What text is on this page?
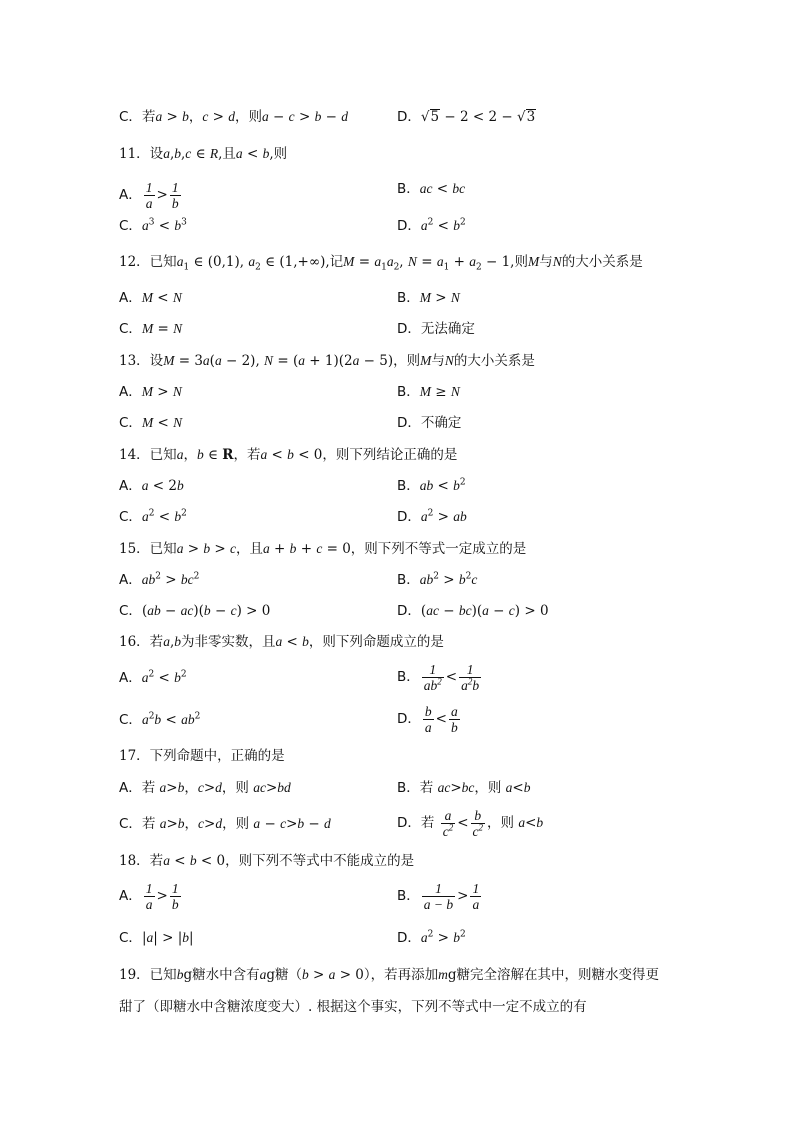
C．若a > b，c > d，则a − c > b − d	D．√5 − 2 < 2 − √3
11．设a,b,c ∈ R,且a < b,则
A． $\frac{1}{a} > \frac{1}{b}$	B．ac < bc
C．$a^3 < b^3$	D．$a^2 < b^2$
12．已知$a_1$ ∈ (0,1), $a_2$ ∈ (1,+∞),记$M = a_1a_2$, $N = a_1 + a_2 - 1$,则M与N的大小关系是
A．M < N	B．M > N
C．M = N	D．无法确定
13．设M = 3a(a − 2), N = (a + 1)(2a − 5)，则M与N的大小关系是
A．M > N	B．M ≥ N
C．M < N	D．不确定
14．已知a，b ∈ R，若a < b < 0，则下列结论正确的是
A．a < 2b	B．ab < $b^2$
C．$a^2 < b^2$	D．$a^2$ > ab
15．已知a > b > c，且a + b + c = 0，则下列不等式一定成立的是
A．$ab^2 > bc^2$	B．$ab^2 > b^2c$
C．(ab − ac)(b − c) > 0	D．(ac − bc)(a − c) > 0
16．若a,b为非零实数，且a < b，则下列命题成立的是
A．$a^2 < b^2$	B． $\frac{1}{ab^2} < \frac{1}{a^2b}$
C．$a^2b < ab^2$	D． $\frac{b}{a} < \frac{a}{b}$
17．下列命题中，正确的是
A．若 a>b，c>d，则 ac>bd	B．若 ac>bc，则 a<b
C．若 a>b，c>d，则 a − c>b − d	D．若 $\frac{a}{c^2} < \frac{b}{c^2}$ ，则 a<b
18．若a < b < 0，则下列不等式中不能成立的是
A． $\frac{1}{a} > \frac{1}{b}$	B． $\frac{1}{a - b} > \frac{1}{a}$
C．|a| > |b|	D．$a^2 > b^2$
19．已知bg糖水中含有ag糖（b > a > 0），若再添加mg糖完全溶解在其中，则糖水变得更
甜了（即糖水中含糖浓度变大）. 根据这个事实，下列不等式中一定不成立的有
